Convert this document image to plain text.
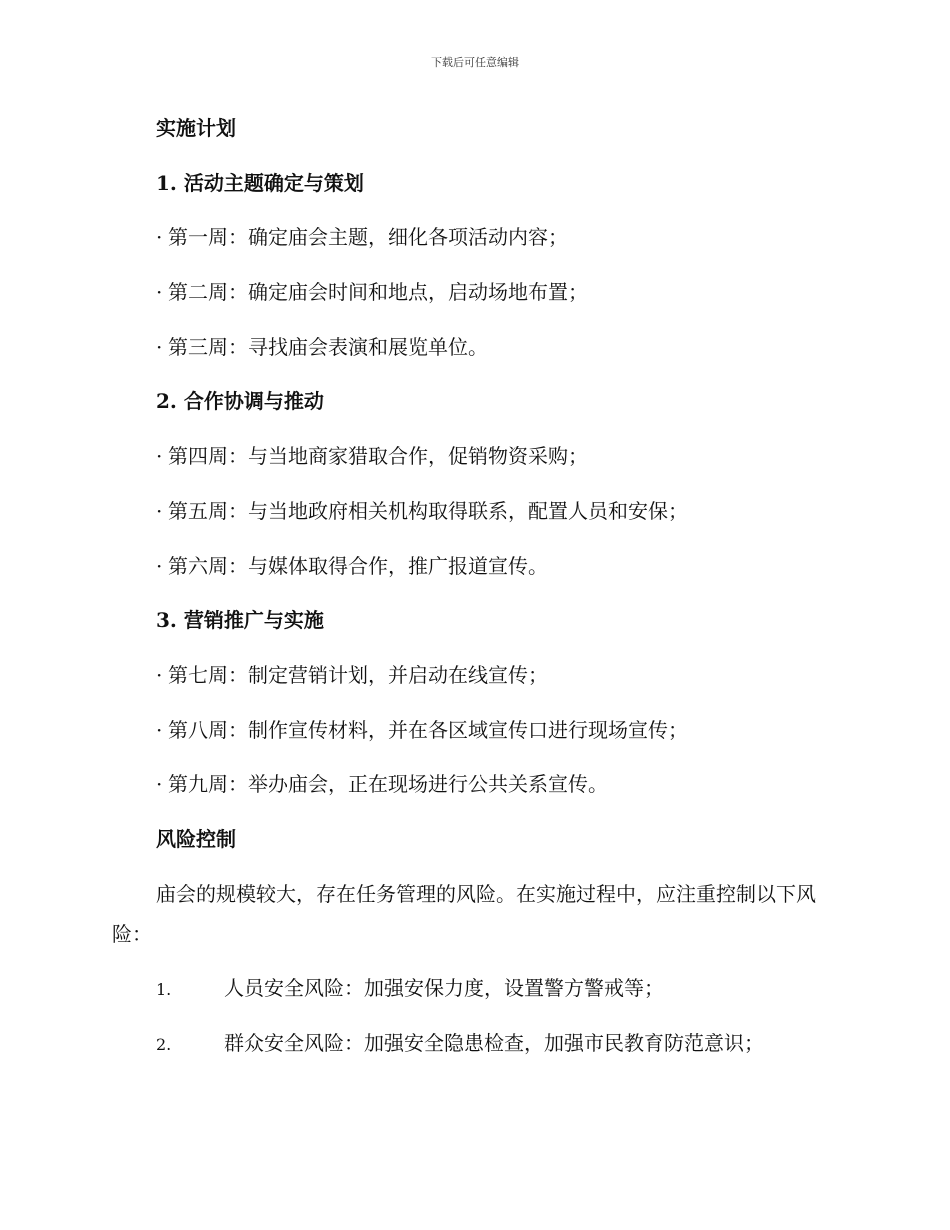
下载后可任意编辑
实施计划
1. 活动主题确定与策划
· 第一周：确定庙会主题，细化各项活动内容；
· 第二周：确定庙会时间和地点，启动场地布置；
· 第三周：寻找庙会表演和展览单位。
2. 合作协调与推动
· 第四周：与当地商家猎取合作，促销物资采购；
· 第五周：与当地政府相关机构取得联系，配置人员和安保；
· 第六周：与媒体取得合作，推广报道宣传。
3. 营销推广与实施
· 第七周：制定营销计划，并启动在线宣传；
· 第八周：制作宣传材料，并在各区域宣传口进行现场宣传；
· 第九周：举办庙会，正在现场进行公共关系宣传。
风险控制
庙会的规模较大，存在任务管理的风险。在实施过程中，应注重控制以下风险：
1.	人员安全风险：加强安保力度，设置警方警戒等；
2.	群众安全风险：加强安全隐患检查，加强市民教育防范意识；
